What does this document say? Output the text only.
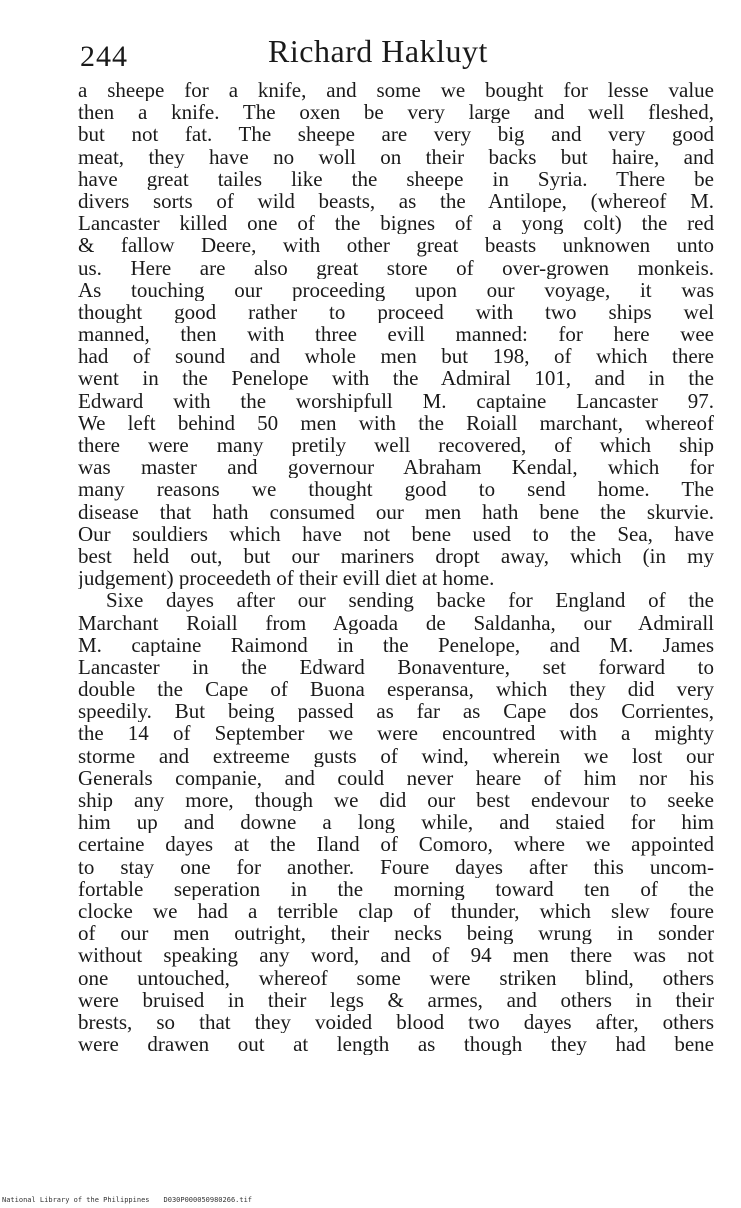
244	Richard Hakluyt
a sheepe for a knife, and some we bought for lesse value
then a knife. The oxen be very large and well fleshed,
but not fat. The sheepe are very big and very good
meat, they have no woll on their backs but haire, and
have great tailes like the sheepe in Syria. There be
divers sorts of wild beasts, as the Antilope, (whereof M.
Lancaster killed one of the bignes of a yong colt) the red
& fallow Deere, with other great beasts unknowen unto
us. Here are also great store of over-growen monkeis.
As touching our proceeding upon our voyage, it was
thought good rather to proceed with two ships wel
manned, then with three evill manned: for here wee
had of sound and whole men but 198, of which there
went in the Penelope with the Admiral 101, and in the
Edward with the worshipfull M. captaine Lancaster 97.
We left behind 50 men with the Roiall marchant, whereof
there were many pretily well recovered, of which ship
was master and governour Abraham Kendal, which for
many reasons we thought good to send home. The
disease that hath consumed our men hath bene the skurvie.
Our souldiers which have not bene used to the Sea, have
best held out, but our mariners dropt away, which (in my
judgement) proceedeth of their evill diet at home.
Sixe dayes after our sending backe for England of the
Marchant Roiall from Agoada de Saldanha, our Admirall
M. captaine Raimond in the Penelope, and M. James
Lancaster in the Edward Bonaventure, set forward to
double the Cape of Buona esperansa, which they did very
speedily. But being passed as far as Cape dos Corrientes,
the 14 of September we were encountred with a mighty
storme and extreeme gusts of wind, wherein we lost our
Generals companie, and could never heare of him nor his
ship any more, though we did our best endevour to seeke
him up and downe a long while, and staied for him
certaine dayes at the Iland of Comoro, where we appointed
to stay one for another. Foure dayes after this uncom-
fortable seperation in the morning toward ten of the
clocke we had a terrible clap of thunder, which slew foure
of our men outright, their necks being wrung in sonder
without speaking any word, and of 94 men there was not
one untouched, whereof some were striken blind, others
were bruised in their legs & armes, and others in their
brests, so that they voided blood two dayes after, others
were drawen out at length as though they had bene
National Library of the Philippines D030P000050980266.tif
